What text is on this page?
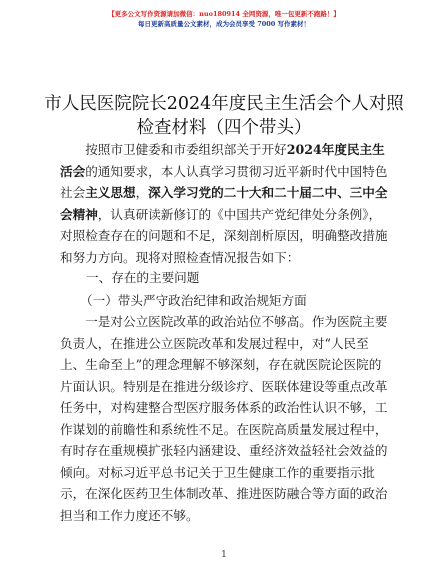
【更多公文写作资源请加微信：nuo180914 全网资源，唯一包更新不跑路！】
每日更新高质量公文素材，成为会员享受 7000 写作素材！
市人民医院院长2024年度民主生活会个人对照检查材料（四个带头）
按照市卫健委和市委组织部关于开好2024年度民主生活会的通知要求，本人认真学习贯彻习近平新时代中国特色社会主义思想，深入学习党的二十大和二十届二中、三中全会精神，认真研读新修订的《中国共产党纪律处分条例》，对照检查存在的问题和不足，深刻剖析原因，明确整改措施和努力方向。现将对照检查情况报告如下：
一、存在的主要问题
（一）带头严守政治纪律和政治规矩方面
一是对公立医院改革的政治站位不够高。作为医院主要负责人，在推进公立医院改革和发展过程中，对“人民至上、生命至上”的理念理解不够深刻，存在就医院论医院的片面认识。特别是在推进分级诊疗、医联体建设等重点改革任务中，对构建整合型医疗服务体系的政治性认识不够，工作谋划的前瞻性和系统性不足。在医院高质量发展过程中，有时存在重规模扩张轻内涵建设、重经济效益轻社会效益的倾向。对标习近平总书记关于卫生健康工作的重要指示批示，在深化医药卫生体制改革、推进医防融合等方面的政治担当和工作力度还不够。
1
